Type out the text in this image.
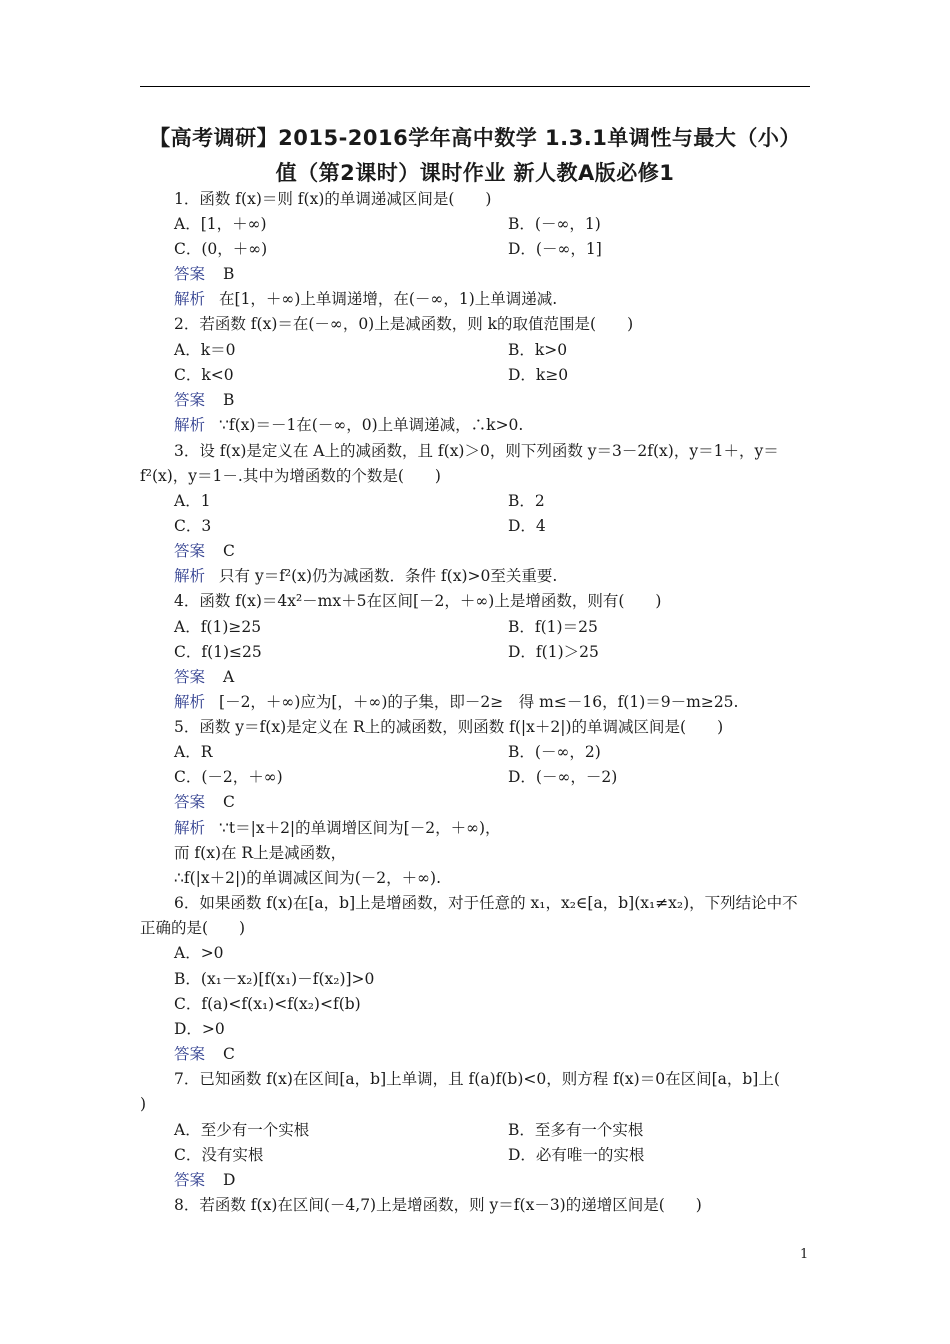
【高考调研】2015-2016学年高中数学 1.3.1单调性与最大（小）
值（第2课时）课时作业 新人教A版必修1
1．函数 f(x)＝则 f(x)的单调递减区间是(　　)
A．[1，＋∞)	B．(－∞，1)
C．(0，＋∞)	D．(－∞，1]
答案 B
解析 在[1，＋∞)上单调递增，在(－∞，1)上单调递减.
2．若函数 f(x)＝在(－∞，0)上是减函数，则 k的取值范围是(　　)
A．k＝0	B．k>0
C．k<0	D．k≥0
答案 B
解析 ∵f(x)＝－1在(－∞，0)上单调递减，∴k>0.
3．设 f(x)是定义在 A上的减函数，且 f(x)＞0，则下列函数 y＝3－2f(x)，y＝1＋，y＝
f²(x)，y＝1－.其中为增函数的个数是(　　)
A．1	B．2
C．3	D．4
答案 C
解析 只有 y＝f²(x)仍为减函数．条件 f(x)>0至关重要.
4．函数 f(x)＝4x²－mx＋5在区间[－2，＋∞)上是增函数，则有(　　)
A．f(1)≥25	B．f(1)＝25
C．f(1)≤25	D．f(1)＞25
答案 A
解析 [－2，＋∞)应为[，＋∞)的子集，即－2≥　得 m≤－16，f(1)＝9－m≥25.
5．函数 y＝f(x)是定义在 R上的减函数，则函数 f(|x＋2|)的单调减区间是(　　)
A．R	B．(－∞，2)
C．(－2，＋∞)	D．(－∞，－2)
答案 C
解析 ∵t＝|x＋2|的单调增区间为[－2，＋∞)，
而 f(x)在 R上是减函数，
∴f(|x＋2|)的单调减区间为(－2，＋∞).
6．如果函数 f(x)在[a，b]上是增函数，对于任意的 x₁，x₂∈[a，b](x₁≠x₂)，下列结论中不
正确的是(　　)
A．>0
B．(x₁－x₂)[f(x₁)－f(x₂)]>0
C．f(a)<f(x₁)<f(x₂)<f(b)
D．>0
答案 C
7．已知函数 f(x)在区间[a，b]上单调，且 f(a)f(b)<0，则方程 f(x)＝0在区间[a，b]上(
)
A．至少有一个实根	B．至多有一个实根
C．没有实根	D．必有唯一的实根
答案 D
8．若函数 f(x)在区间(－4,7)上是增函数，则 y＝f(x－3)的递增区间是(　　)
1
